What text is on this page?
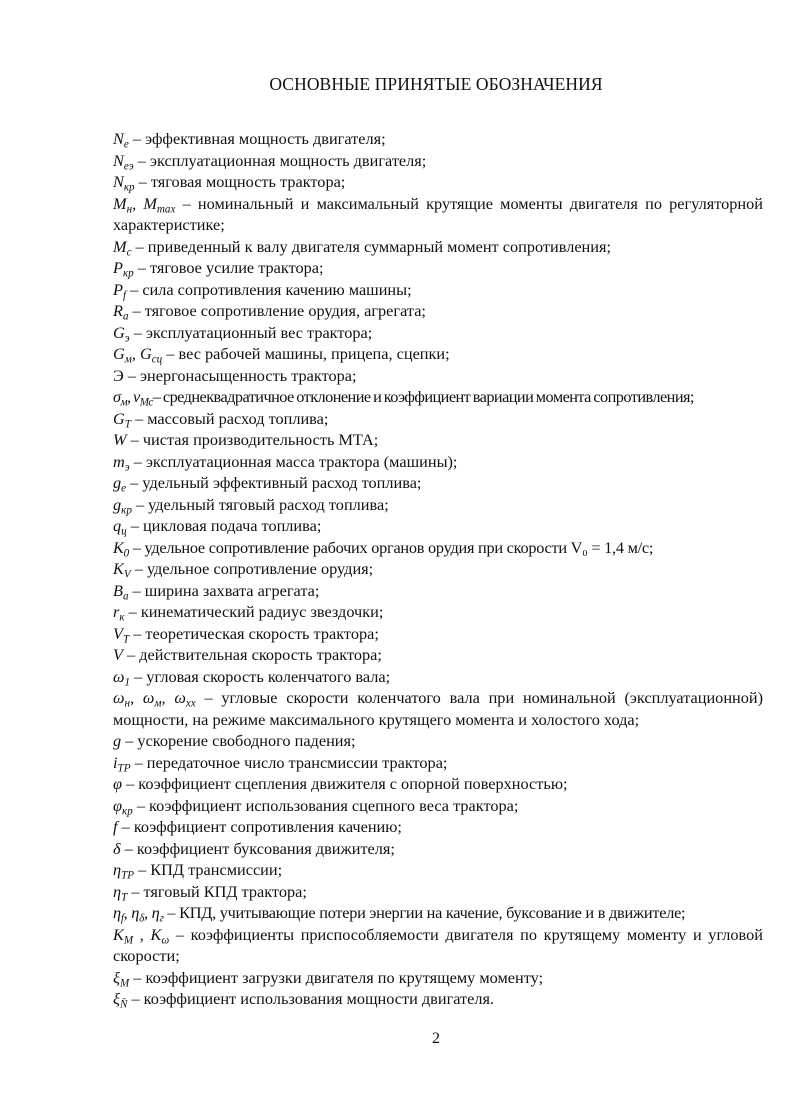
ОСНОВНЫЕ ПРИНЯТЫЕ ОБОЗНАЧЕНИЯ

$N_e$ – эффективная мощность двигателя;

$N_{еэ}$ – эксплуатационная мощность двигателя;

$N_{кр}$ – тяговая мощность трактора;

$M_н$, $M_{max}$ – номинальный и максимальный крутящие моменты двигателя по регуляторной характеристике;

$M_c$ – приведенный к валу двигателя суммарный момент сопротивления;

$P_{кр}$ – тяговое усилие трактора;

$P_f$ – сила сопротивления качению машины;

$R_a$ – тяговое сопротивление орудия, агрегата;

$G_э$ – эксплуатационный вес трактора;

$G_м$, $G_{сц}$ – вес рабочей машины, прицепа, сцепки;

Э – энергонасыщенность трактора;

$\sigma_м$, $\nu_{Mc}-$ среднеквадратичное отклонение и коэффициент вариации момента сопротивления;

$G_T$ – массовый расход топлива;

W – чистая производительность МТА;

$m_э$ – эксплуатационная масса трактора (машины);

$g_e$ – удельный эффективный расход топлива;

$g_{кр}$ – удельный тяговый расход топлива;

$q_ц$ – цикловая подача топлива;

$K_0$ – удельное сопротивление рабочих органов орудия при скорости V₀ = 1,4 м/с;

$K_V$ – удельное сопротивление орудия;

$B_a$ – ширина захвата агрегата;

$r_к$ – кинематический радиус звездочки;

$V_T$ – теоретическая скорость трактора;

V – действительная скорость трактора;

$\omega_1$ – угловая скорость коленчатого вала;

$\omega_н$, $\omega_м$, $\omega_{хх}$ – угловые скорости коленчатого вала при номинальной (эксплуатационной) мощности, на режиме максимального крутящего момента и холостого хода;

g – ускорение свободного падения;

$i_{ТР}$ – передаточное число трансмиссии трактора;

φ – коэффициент сцепления движителя с опорной поверхностью;

$\varphi_{кр}$ – коэффициент использования сцепного веса трактора;

f – коэффициент сопротивления качению;

δ – коэффициент буксования движителя;

$\eta_{ТР}$ – КПД трансмиссии;

$\eta_Т$ – тяговый КПД трактора;

$\eta_f$, $\eta_\delta$, $\eta_г$ – КПД, учитывающие потери энергии на качение, буксование и в движителе;

$K_M$ , $K_\omega$ – коэффициенты приспособляемости двигателя по крутящему моменту и угловой скорости;

$\xi_M$ – коэффициент загрузки двигателя по крутящему моменту;

$\xi_{N̄}$ – коэффициент использования мощности двигателя.

2
